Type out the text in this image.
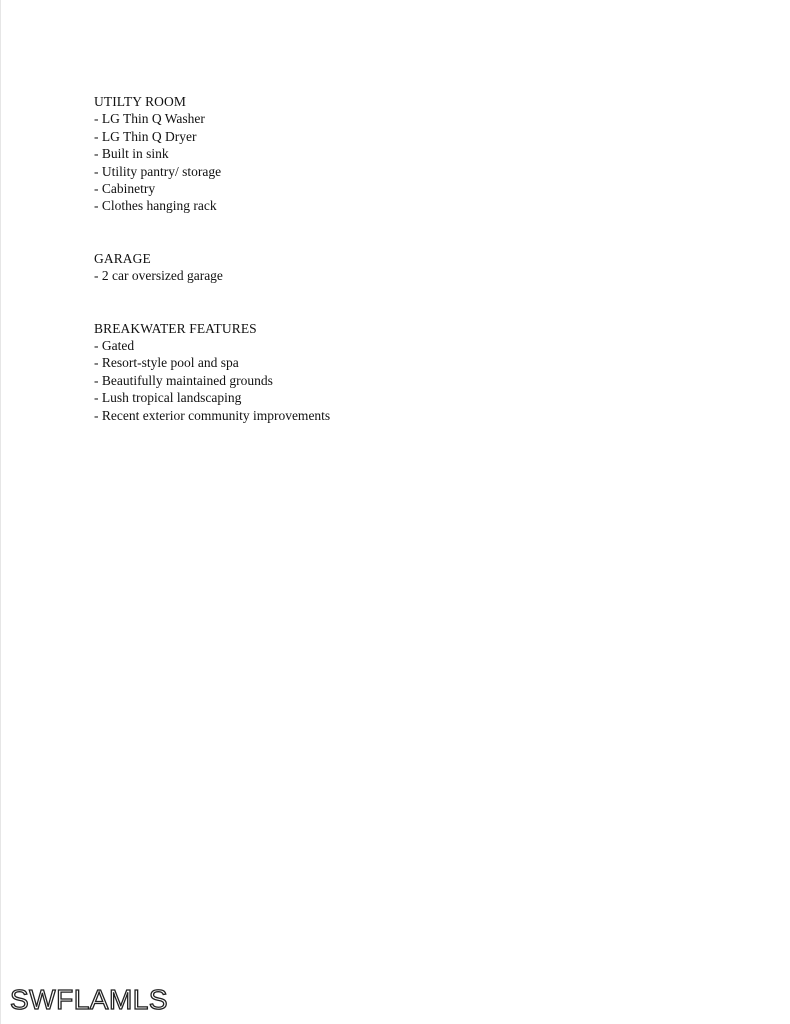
UTILTY ROOM
- LG Thin Q Washer
- LG Thin Q Dryer
- Built in sink
- Utility pantry/ storage
- Cabinetry
- Clothes hanging rack
GARAGE
- 2 car oversized garage
BREAKWATER FEATURES
- Gated
- Resort-style pool and spa
- Beautifully maintained grounds
- Lush tropical landscaping
- Recent exterior community improvements
SWFLAMLS
